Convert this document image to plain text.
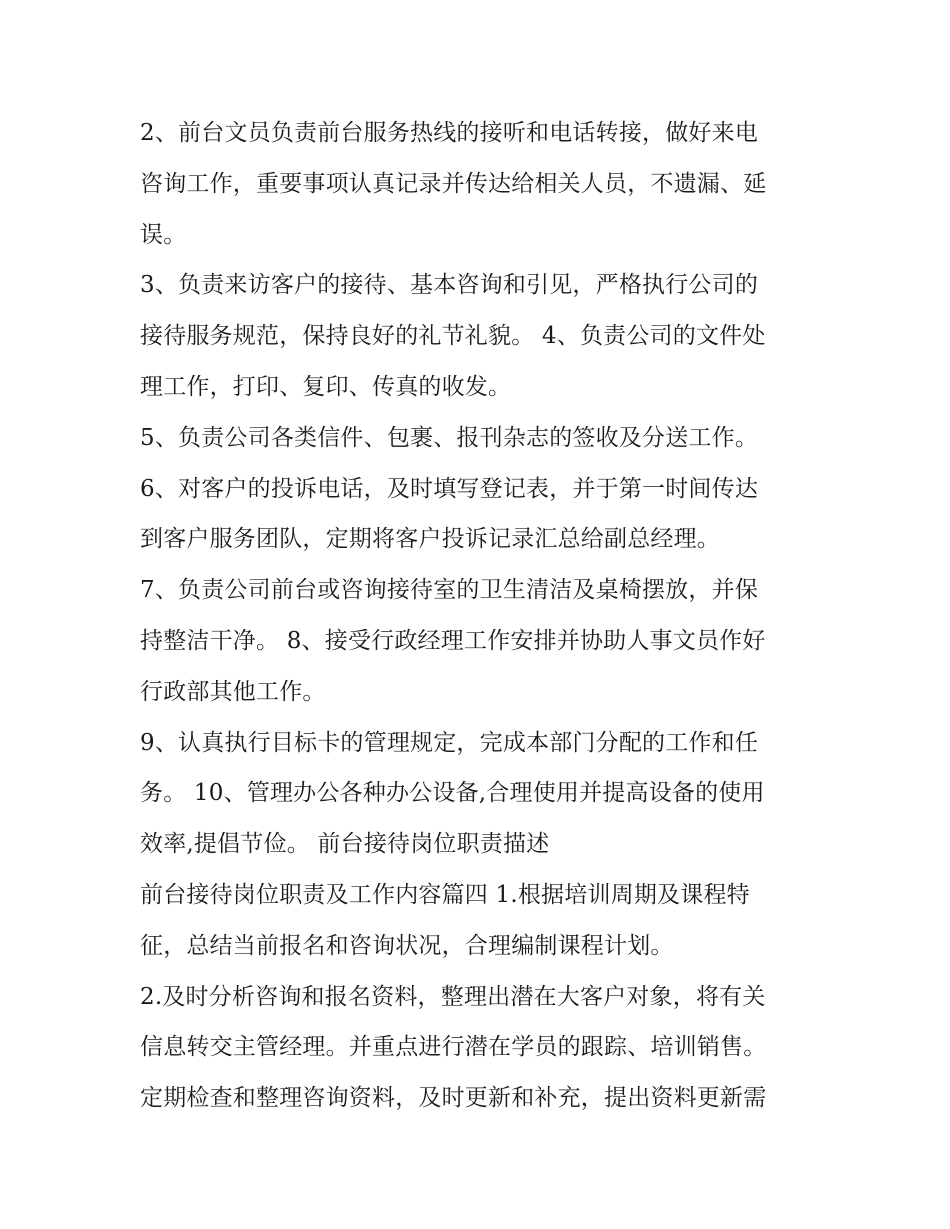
2、前台文员负责前台服务热线的接听和电话转接，做好来电
咨询工作，重要事项认真记录并传达给相关人员，不遗漏、延
误。
3、负责来访客户的接待、基本咨询和引见，严格执行公司的
接待服务规范，保持良好的礼节礼貌。 4、负责公司的文件处
理工作，打印、复印、传真的收发。
5、负责公司各类信件、包裹、报刊杂志的签收及分送工作。
6、对客户的投诉电话，及时填写登记表，并于第一时间传达
到客户服务团队，定期将客户投诉记录汇总给副总经理。
7、负责公司前台或咨询接待室的卫生清洁及桌椅摆放，并保
持整洁干净。 8、接受行政经理工作安排并协助人事文员作好
行政部其他工作。
9、认真执行目标卡的管理规定，完成本部门分配的工作和任
务。 10、管理办公各种办公设备,合理使用并提高设备的使用
效率,提倡节俭。 前台接待岗位职责描述
前台接待岗位职责及工作内容篇四 1.根据培训周期及课程特
征，总结当前报名和咨询状况，合理编制课程计划。
2.及时分析咨询和报名资料，整理出潜在大客户对象，将有关
信息转交主管经理。并重点进行潜在学员的跟踪、培训销售。
定期检查和整理咨询资料，及时更新和补充，提出资料更新需
